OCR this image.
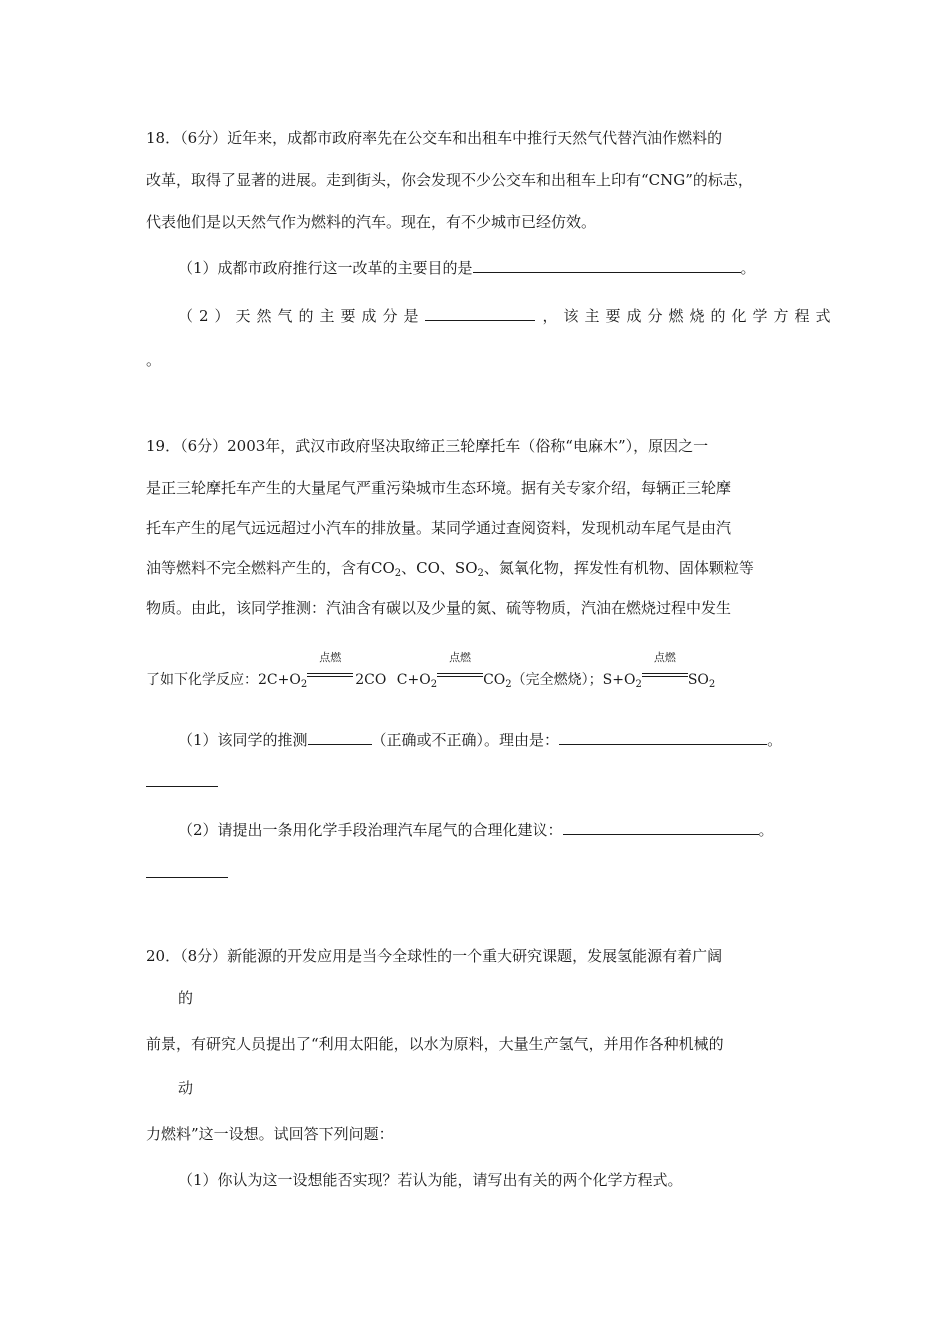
18．（6分）近年来，成都市政府率先在公交车和出租车中推行天然气代替汽油作燃料的
改革，取得了显著的进展。走到街头，你会发现不少公交车和出租车上印有“CNG”的标志，
代表他们是以天然气作为燃料的汽车。现在，有不少城市已经仿效。
（1）成都市政府推行这一改革的主要目的是	。
（2）天然气的主要成分是	，该主要成分燃烧的化学方程式
。
19．（6分）2003年，武汉市政府坚决取缔正三轮摩托车（俗称“电麻木”），原因之一
是正三轮摩托车产生的大量尾气严重污染城市生态环境。据有关专家介绍，每辆正三轮摩
托车产生的尾气远远超过小汽车的排放量。某同学通过查阅资料，发现机动车尾气是由汽
油等燃料不完全燃料产生的，含有$CO_2$、CO、$SO_2$、氮氧化物，挥发性有机物、固体颗粒等
物质。由此，该同学推测：汽油含有碳以及少量的氮、硫等物质，汽油在燃烧过程中发生
了如下化学反应：$2C+O_2$
点燃
2CO $C+O_2$
点燃
$CO_2$（完全燃烧）；$S+O_2$
点燃
$SO_2$
（1）该同学的推测	（正确或不正确）。理由是：	。
（2）请提出一条用化学手段治理汽车尾气的合理化建议：	。
20．（8分）新能源的开发应用是当今全球性的一个重大研究课题，发展氢能源有着广阔
的
前景，有研究人员提出了“利用太阳能，以水为原料，大量生产氢气，并用作各种机械的
动
力燃料”这一设想。试回答下列问题：
（1）你认为这一设想能否实现？若认为能，请写出有关的两个化学方程式。
